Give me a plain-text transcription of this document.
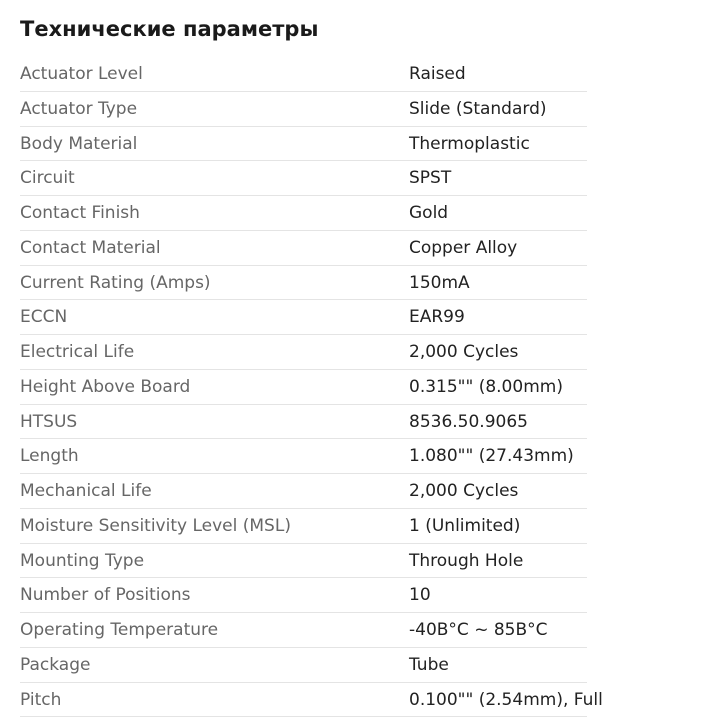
Технические параметры
Actuator Level	Raised
Actuator Type	Slide (Standard)
Body Material	Thermoplastic
Circuit	SPST
Contact Finish	Gold
Contact Material	Copper Alloy
Current Rating (Amps)	150mA
ECCN	EAR99
Electrical Life	2,000 Cycles
Height Above Board	0.315"" (8.00mm)
HTSUS	8536.50.9065
Length	1.080"" (27.43mm)
Mechanical Life	2,000 Cycles
Moisture Sensitivity Level (MSL)	1 (Unlimited)
Mounting Type	Through Hole
Number of Positions	10
Operating Temperature	-40В°C ~ 85В°C
Package	Tube
Pitch	0.100"" (2.54mm), Full
